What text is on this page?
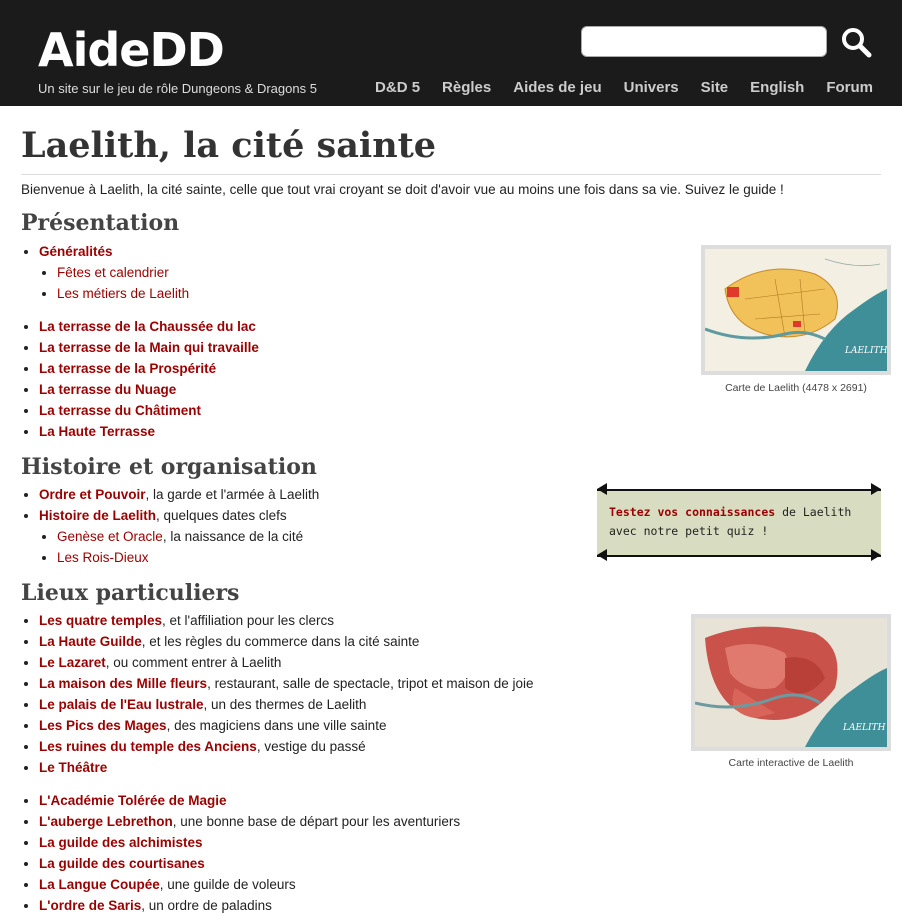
AideDD
Un site sur le jeu de rôle Dungeons & Dragons 5	D&D 5 Règles Aides de jeu Univers Site English Forum
Laelith, la cité sainte
Bienvenue à Laelith, la cité sainte, celle que tout vrai croyant se doit d'avoir vue au moins une fois dans sa vie. Suivez le guide !
Présentation
• Généralités
• Fêtes et calendrier
• Les métiers de Laelith
• La terrasse de la Chaussée du lac
• La terrasse de la Main qui travaille
• La terrasse de la Prospérité
• La terrasse du Nuage
• La terrasse du Châtiment
• La Haute Terrasse
Histoire et organisation
• Ordre et Pouvoir, la garde et l'armée à Laelith
• Histoire de Laelith, quelques dates clefs
• Genèse et Oracle, la naissance de la cité
• Les Rois-Dieux
Lieux particuliers
• Les quatre temples, et l'affiliation pour les clercs
• La Haute Guilde, et les règles du commerce dans la cité sainte
• Le Lazaret, ou comment entrer à Laelith
• La maison des Mille fleurs, restaurant, salle de spectacle, tripot et maison de joie
• Le palais de l'Eau lustrale, un des thermes de Laelith
• Les Pics des Mages, des magiciens dans une ville sainte
• Les ruines du temple des Anciens, vestige du passé
• Le Théâtre
• L'Académie Tolérée de Magie
• L'auberge Lebrethon, une bonne base de départ pour les aventuriers
• La guilde des alchimistes
• La guilde des courtisanes
• La Langue Coupée, une guilde de voleurs
• L'ordre de Saris, un ordre de paladins
LAELITH
Carte de Laelith (4478 x 2691)
Testez vos connaissances de Laelith avec notre petit quiz !
LAELITH
Carte interactive de Laelith
